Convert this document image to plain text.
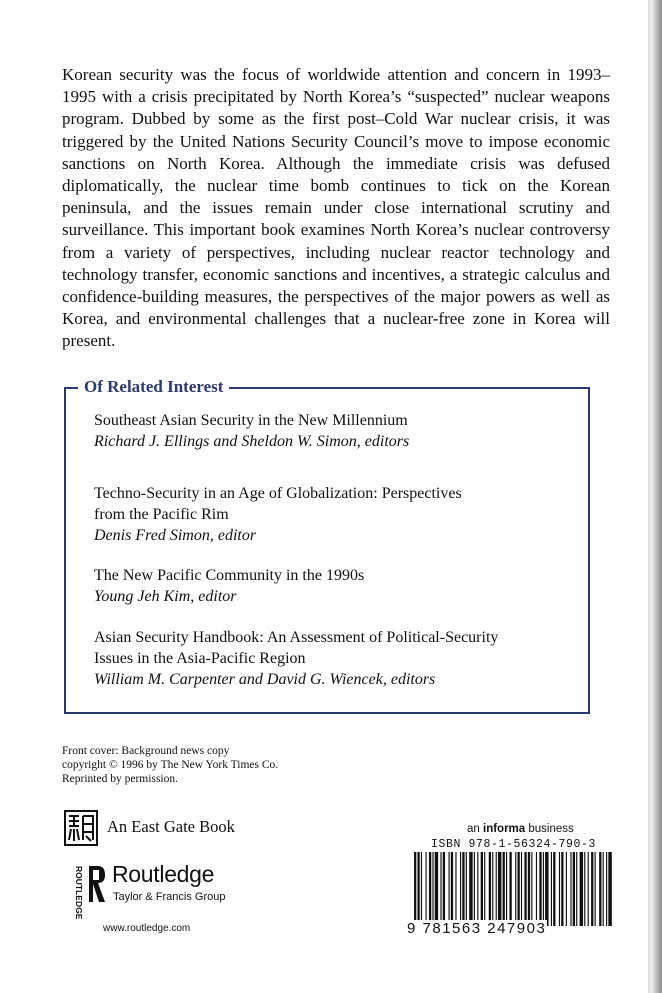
Korean security was the focus of worldwide attention and concern in 1993–1995 with a crisis precipitated by North Korea’s “suspected” nuclear weapons program. Dubbed by some as the first post–Cold War nuclear crisis, it was triggered by the United Nations Security Council’s move to impose economic sanctions on North Korea. Although the immediate crisis was defused diplomatically, the nuclear time bomb continues to tick on the Korean peninsula, and the issues remain under close international scrutiny and surveillance. This important book examines North Korea’s nuclear controversy from a variety of perspectives, including nuclear reactor technology and technology transfer, economic sanctions and incentives, a strategic calculus and confidence-building measures, the perspectives of the major powers as well as Korea, and environmental challenges that a nuclear-free zone in Korea will present.

Of Related Interest
Southeast Asian Security in the New Millennium
Richard J. Ellings and Sheldon W. Simon, editors
Techno-Security in an Age of Globalization: Perspectives
from the Pacific Rim
Denis Fred Simon, editor
The New Pacific Community in the 1990s
Young Jeh Kim, editor
Asian Security Handbook: An Assessment of Political-Security
Issues in the Asia-Pacific Region
William M. Carpenter and David G. Wiencek, editors
Front cover: Background news copy
copyright © 1996 by The New York Times Co.
Reprinted by permission.
An East Gate Book
ROUTLEDGE Routledge
Taylor & Francis Group
www.routledge.com
an informa business
ISBN 978-1-56324-790-3
9 781563 247903
